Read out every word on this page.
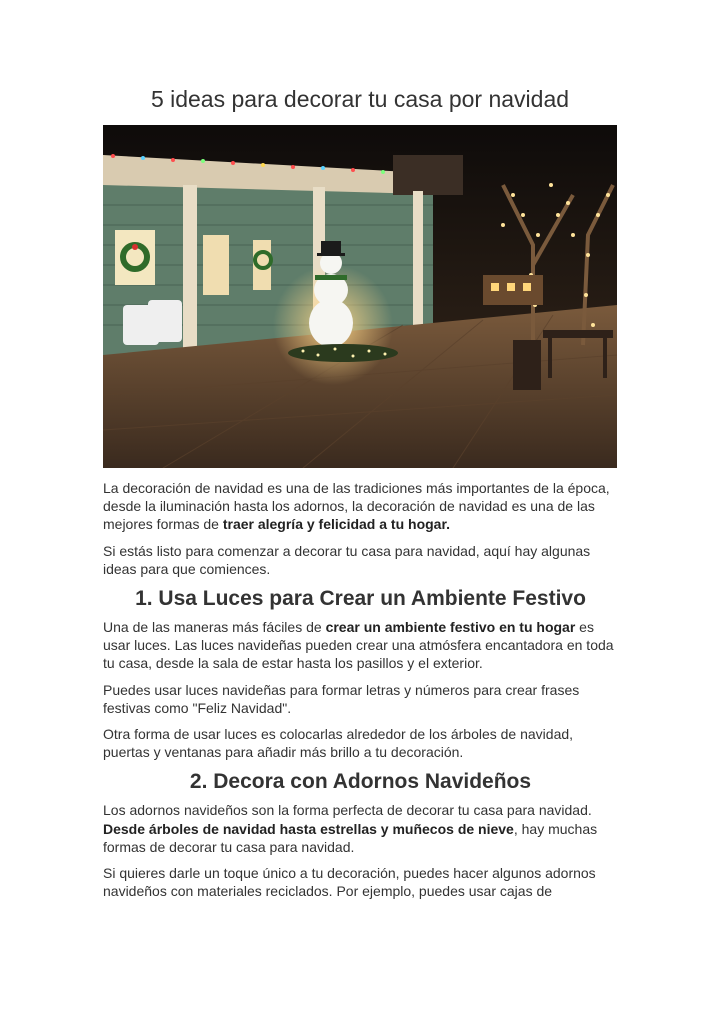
5 ideas para decorar tu casa por navidad

La decoración de navidad es una de las tradiciones más importantes de la época, desde la iluminación hasta los adornos, la decoración de navidad es una de las mejores formas de traer alegría y felicidad a tu hogar.

Si estás listo para comenzar a decorar tu casa para navidad, aquí hay algunas ideas para que comiences.

1. Usa Luces para Crear un Ambiente Festivo

Una de las maneras más fáciles de crear un ambiente festivo en tu hogar es usar luces. Las luces navideñas pueden crear una atmósfera encantadora en toda tu casa, desde la sala de estar hasta los pasillos y el exterior.

Puedes usar luces navideñas para formar letras y números para crear frases festivas como "Feliz Navidad".

Otra forma de usar luces es colocarlas alrededor de los árboles de navidad, puertas y ventanas para añadir más brillo a tu decoración.

2. Decora con Adornos Navideños

Los adornos navideños son la forma perfecta de decorar tu casa para navidad. Desde árboles de navidad hasta estrellas y muñecos de nieve, hay muchas formas de decorar tu casa para navidad.

Si quieres darle un toque único a tu decoración, puedes hacer algunos adornos navideños con materiales reciclados. Por ejemplo, puedes usar cajas de
